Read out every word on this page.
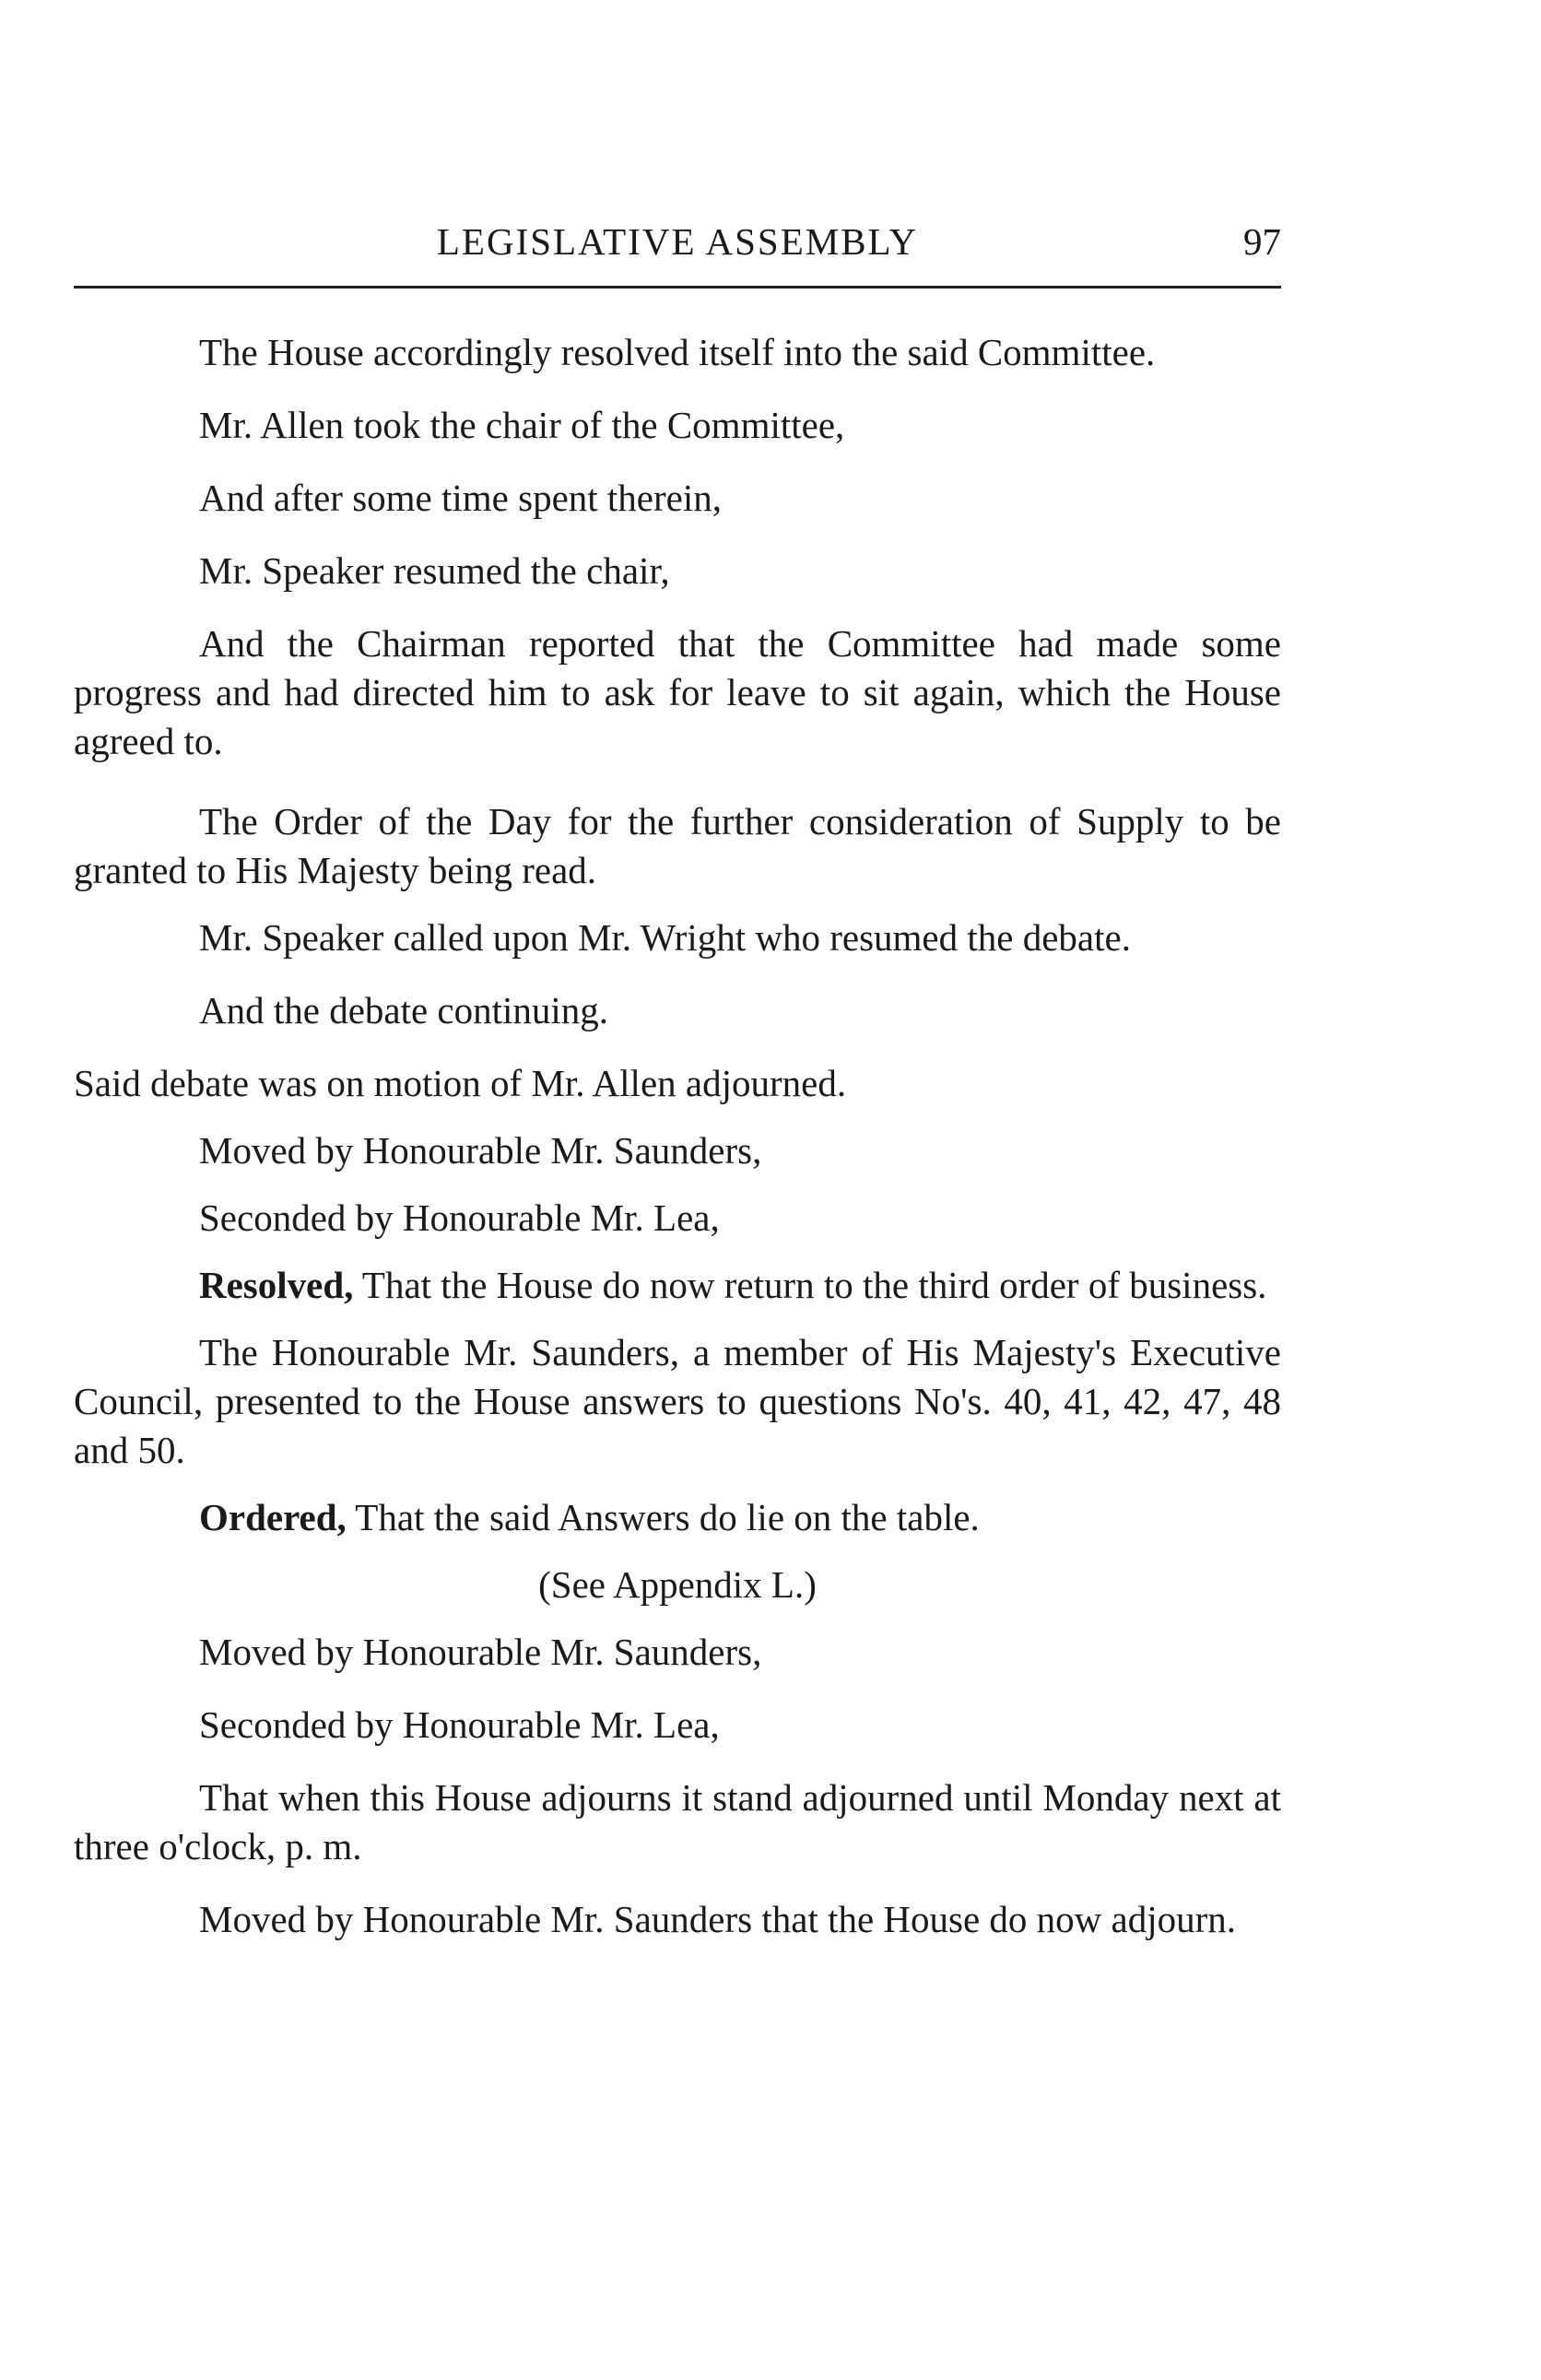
LEGISLATIVE ASSEMBLY	97

The House accordingly resolved itself into the said Committee.

Mr. Allen took the chair of the Committee,

And after some time spent therein,

Mr. Speaker resumed the chair,

And the Chairman reported that the Committee had made some progress and had directed him to ask for leave to sit again, which the House agreed to.

The Order of the Day for the further consideration of Supply to be granted to His Majesty being read.

Mr. Speaker called upon Mr. Wright who resumed the debate.

And the debate continuing.

Said debate was on motion of Mr. Allen adjourned.

Moved by Honourable Mr. Saunders,

Seconded by Honourable Mr. Lea,

Resolved, That the House do now return to the third order of business.

The Honourable Mr. Saunders, a member of His Majesty's Executive Council, presented to the House answers to questions No's. 40, 41, 42, 47, 48 and 50.

Ordered, That the said Answers do lie on the table.

(See Appendix L.)

Moved by Honourable Mr. Saunders,

Seconded by Honourable Mr. Lea,

That when this House adjourns it stand adjourned until Monday next at three o'clock, p. m.

Moved by Honourable Mr. Saunders that the House do now adjourn.
